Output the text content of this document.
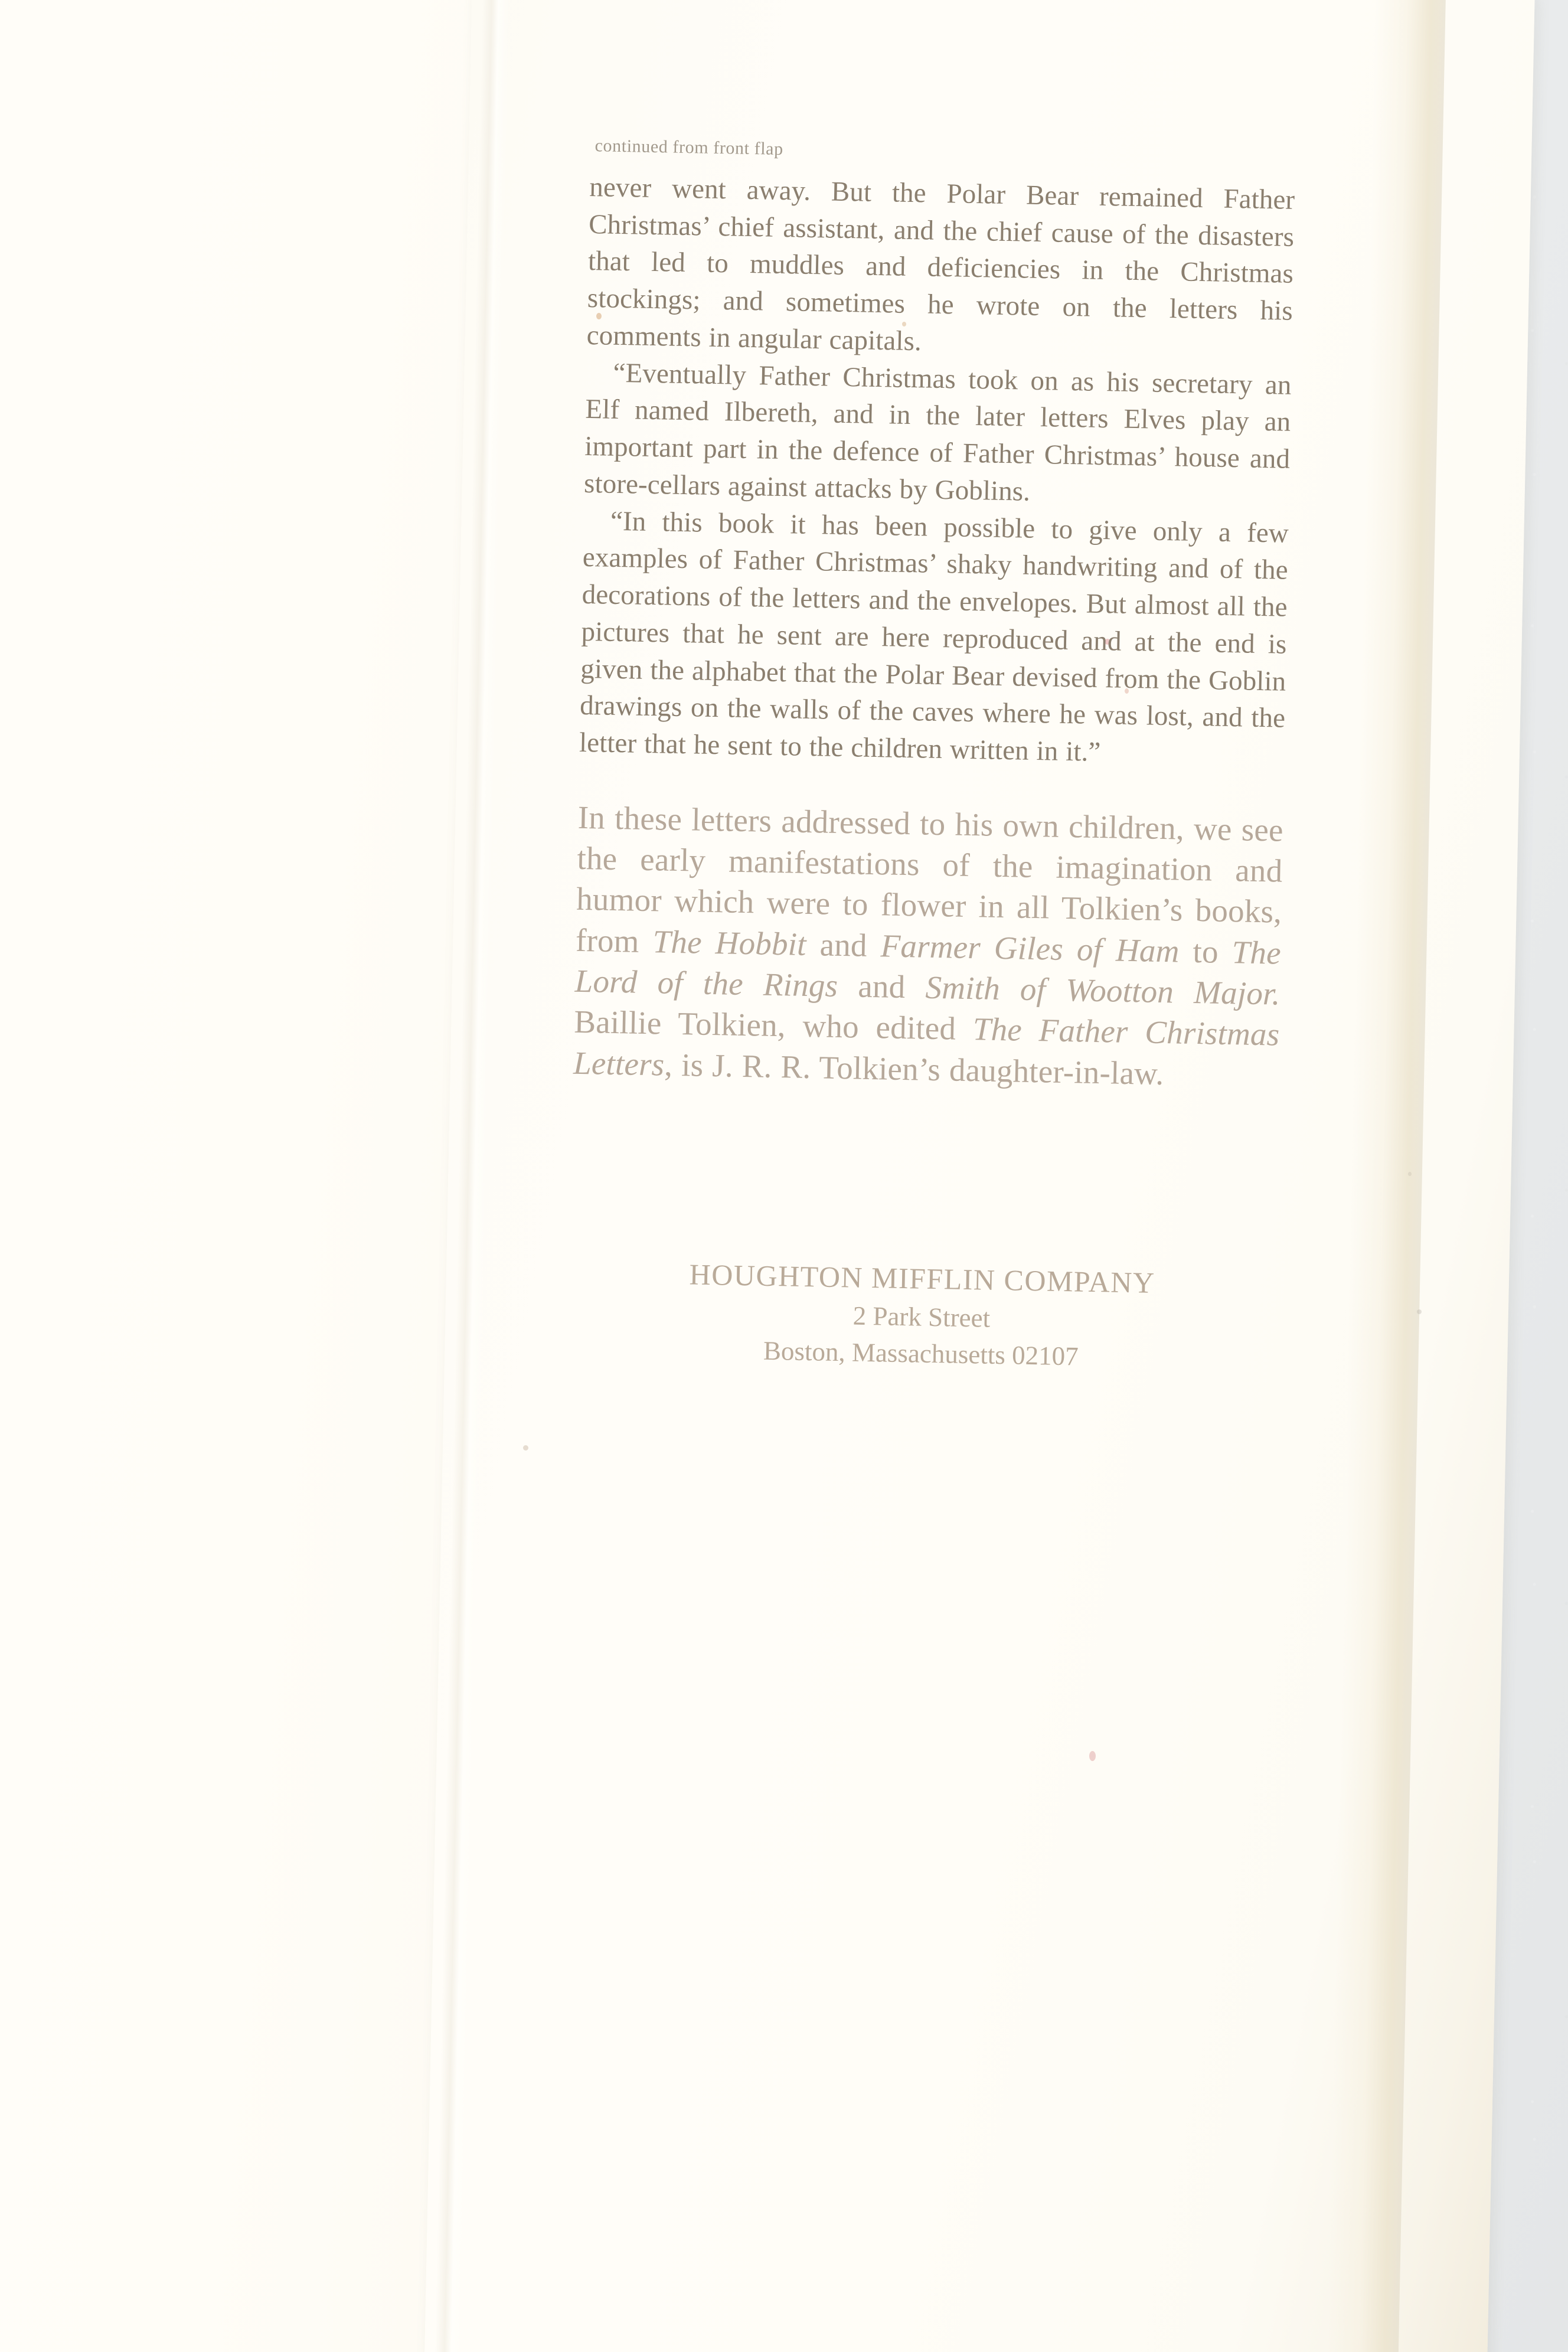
continued from front flap

never went away. But the Polar Bear remained Father Christmas’ chief assistant, and the chief cause of the disasters that led to muddles and deficiencies in the Christmas stockings; and sometimes he wrote on the letters his comments in angular capitals.

“Eventually Father Christmas took on as his secretary an Elf named Ilbereth, and in the later letters Elves play an important part in the defence of Father Christmas’ house and store-cellars against attacks by Goblins.

“In this book it has been possible to give only a few examples of Father Christmas’ shaky handwriting and of the decorations of the letters and the envelopes. But almost all the pictures that he sent are here reproduced and at the end is given the alphabet that the Polar Bear devised from the Goblin drawings on the walls of the caves where he was lost, and the letter that he sent to the children written in it.”

In these letters addressed to his own children, we see the early manifestations of the imagination and humor which were to flower in all Tolkien’s books, from The Hobbit and Farmer Giles of Ham to The Lord of the Rings and Smith of Wootton Major. Baillie Tolkien, who edited The Father Christmas Letters, is J. R. R. Tolkien’s daughter-in-law.

HOUGHTON MIFFLIN COMPANY
2 Park Street
Boston, Massachusetts 02107
